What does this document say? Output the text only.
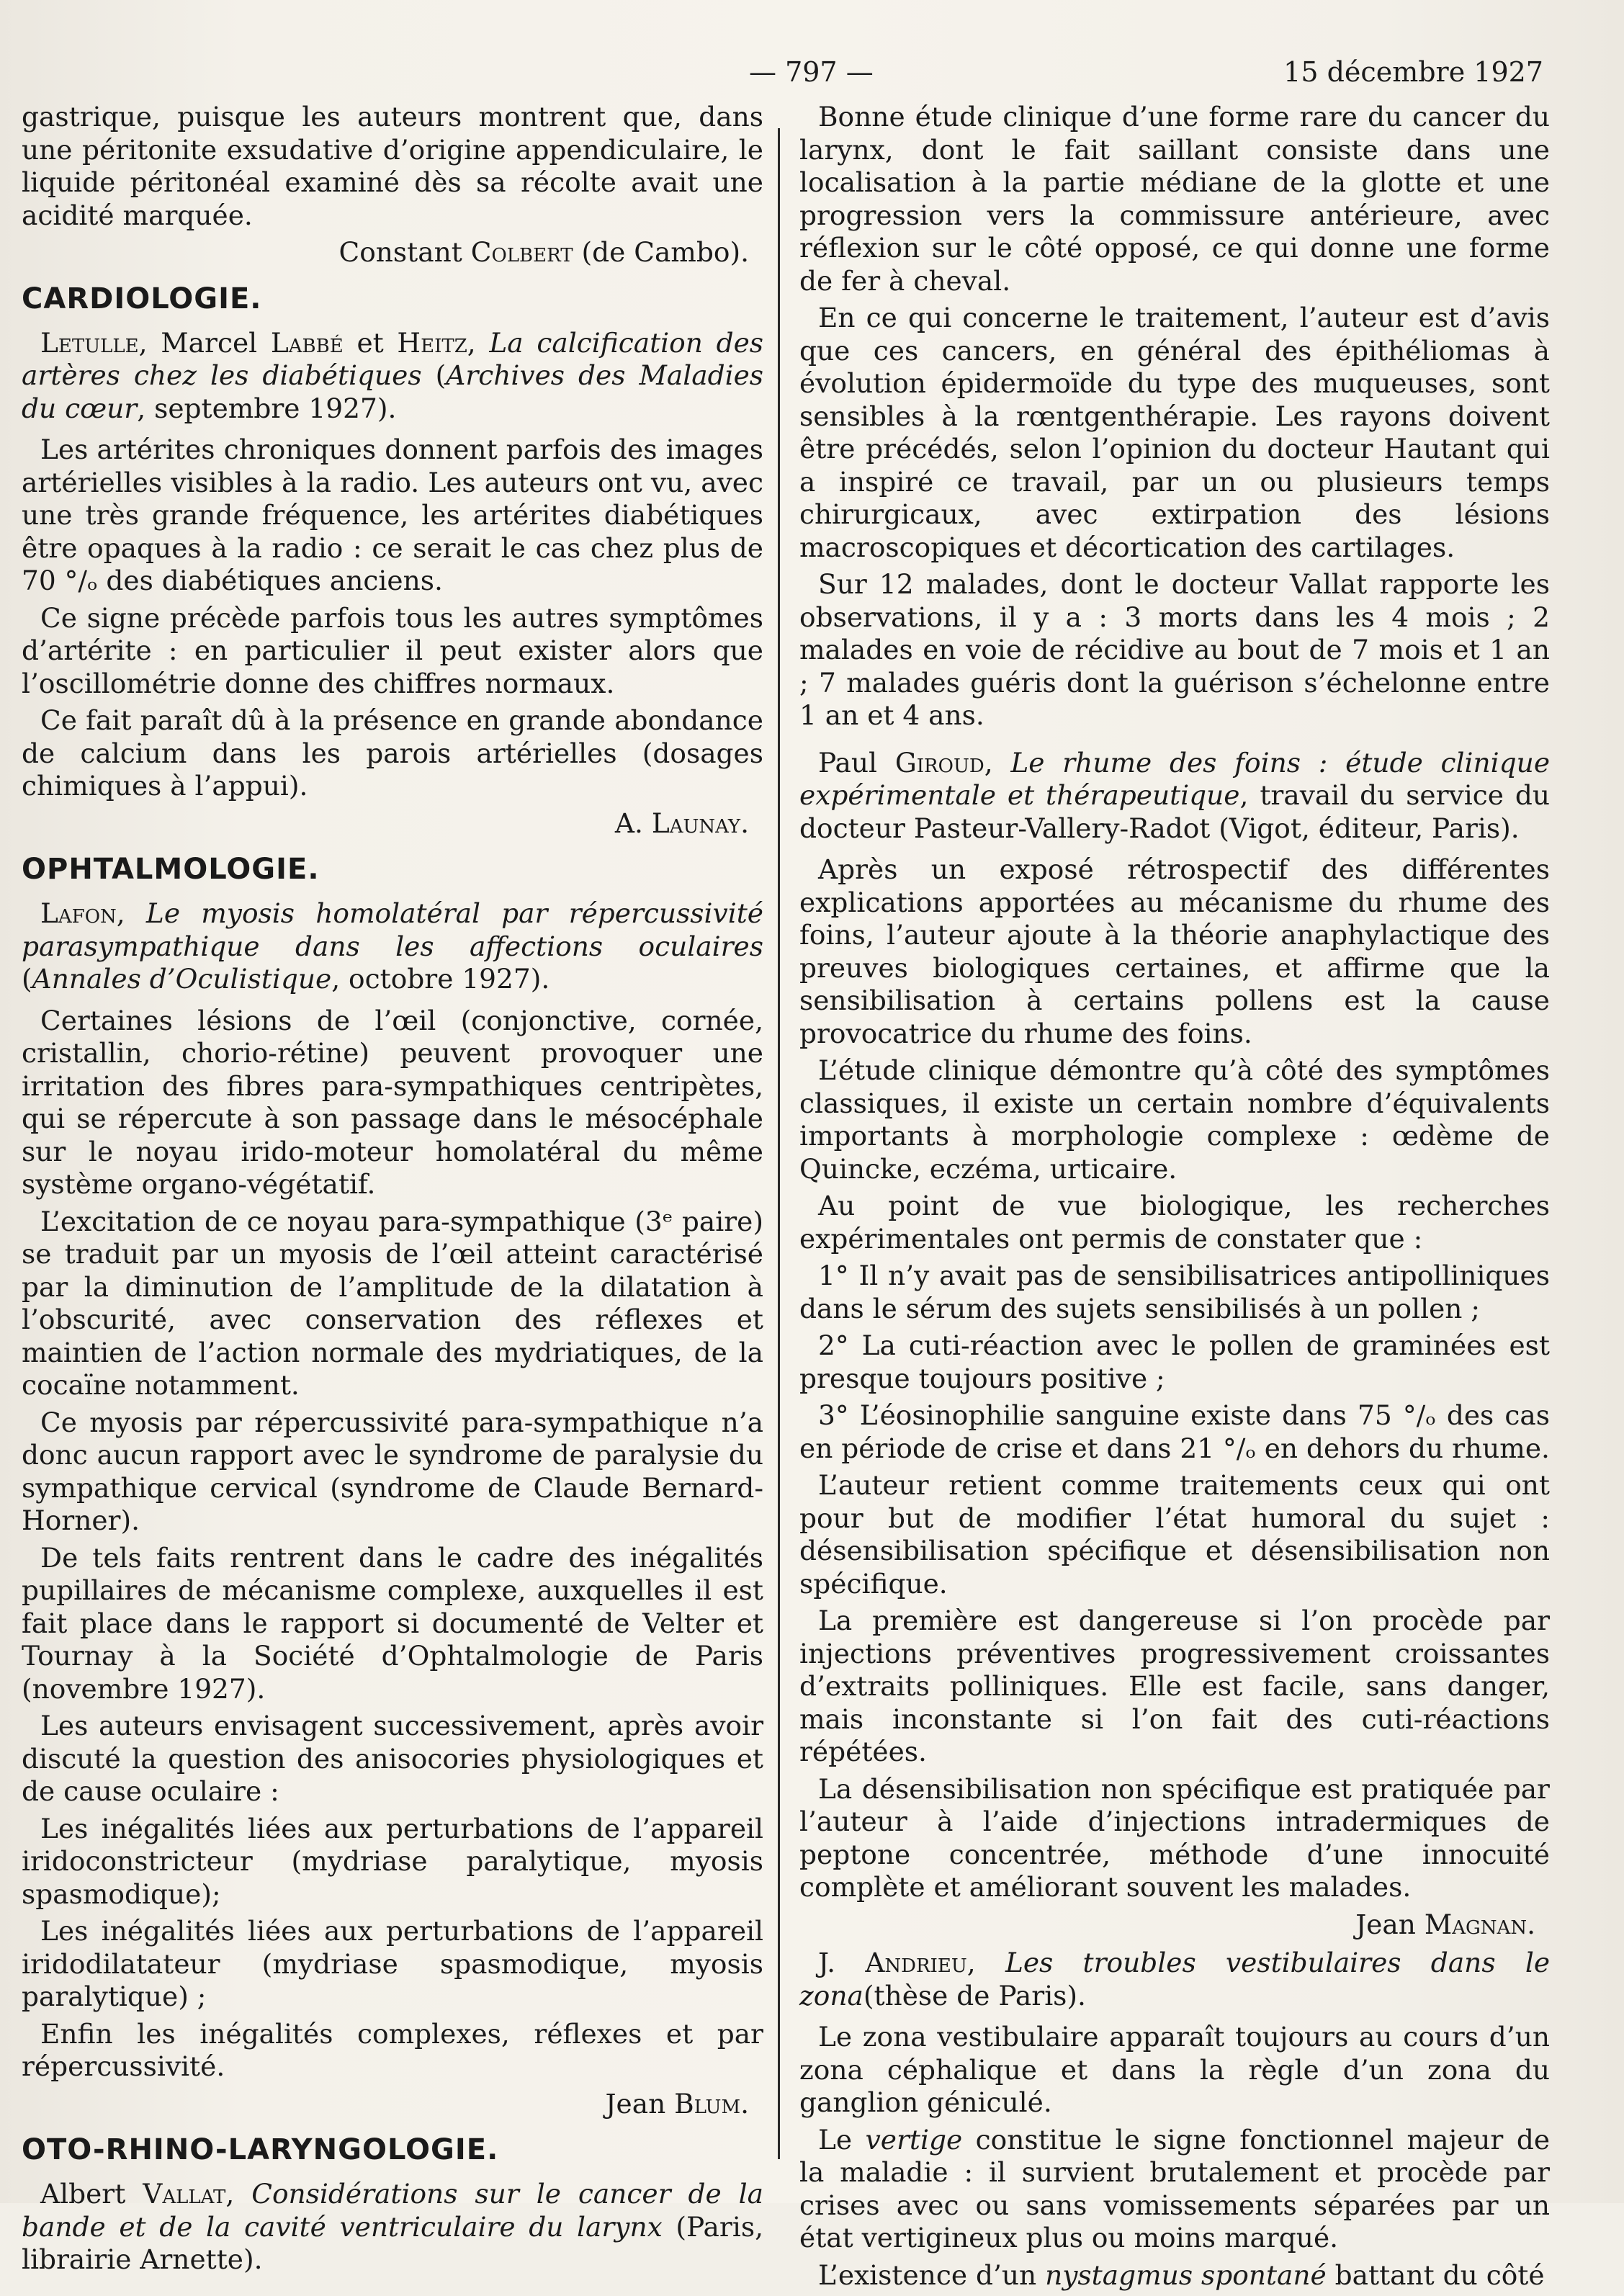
— 797 —	15 décembre 1927

gastrique, puisque les auteurs montrent que, dans une péritonite exsudative d’origine appendiculaire, le liquide péritonéal examiné dès sa récolte avait une acidité marquée.

Constant Colbert (de Cambo).

CARDIOLOGIE.

Letulle, Marcel Labbé et Heitz, La calcification des artères chez les diabétiques (Archives des Maladies du cœur, septembre 1927).

Les artérites chroniques donnent parfois des images artérielles visibles à la radio. Les auteurs ont vu, avec une très grande fréquence, les artérites diabétiques être opaques à la radio : ce serait le cas chez plus de 70 °/ₒ des diabétiques anciens.

Ce signe précède parfois tous les autres symptômes d’artérite : en particulier il peut exister alors que l’oscillométrie donne des chiffres normaux.

Ce fait paraît dû à la présence en grande abondance de calcium dans les parois artérielles (dosages chimiques à l’appui).

A. Launay.

OPHTALMOLOGIE.

Lafon, Le myosis homolatéral par répercussivité parasympathique dans les affections oculaires (Annales d’Oculistique, octobre 1927).

Certaines lésions de l’œil (conjonctive, cornée, cristallin, chorio-rétine) peuvent provoquer une irritation des fibres para-sympathiques centripètes, qui se répercute à son passage dans le mésocéphale sur le noyau irido-moteur homolatéral du même système organo-végétatif.

L’excitation de ce noyau para-sympathique (3ᵉ paire) se traduit par un myosis de l’œil atteint caractérisé par la diminution de l’amplitude de la dilatation à l’obscurité, avec conservation des réflexes et maintien de l’action normale des mydriatiques, de la cocaïne notamment.

Ce myosis par répercussivité para-sympathique n’a donc aucun rapport avec le syndrome de paralysie du sympathique cervical (syndrome de Claude Bernard-Horner).

De tels faits rentrent dans le cadre des inégalités pupillaires de mécanisme complexe, auxquelles il est fait place dans le rapport si documenté de Velter et Tournay à la Société d’Ophtalmologie de Paris (novembre 1927).

Les auteurs envisagent successivement, après avoir discuté la question des anisocories physiologiques et de cause oculaire :

Les inégalités liées aux perturbations de l’appareil iridoconstricteur (mydriase paralytique, myosis spasmodique);

Les inégalités liées aux perturbations de l’appareil iridodilatateur (mydriase spasmodique, myosis paralytique) ;

Enfin les inégalités complexes, réflexes et par répercussivité.

Jean Blum.

OTO-RHINO-LARYNGOLOGIE.

Albert Vallat, Considérations sur le cancer de la bande et de la cavité ventriculaire du larynx (Paris, librairie Arnette).

Bonne étude clinique d’une forme rare du cancer du larynx, dont le fait saillant consiste dans une localisation à la partie médiane de la glotte et une progression vers la commissure antérieure, avec réflexion sur le côté opposé, ce qui donne une forme de fer à cheval.

En ce qui concerne le traitement, l’auteur est d’avis que ces cancers, en général des épithéliomas à évolution épidermoïde du type des muqueuses, sont sensibles à la rœntgenthérapie. Les rayons doivent être précédés, selon l’opinion du docteur Hautant qui a inspiré ce travail, par un ou plusieurs temps chirurgicaux, avec extirpation des lésions macroscopiques et décortication des cartilages.

Sur 12 malades, dont le docteur Vallat rapporte les observations, il y a : 3 morts dans les 4 mois ; 2 malades en voie de récidive au bout de 7 mois et 1 an ; 7 malades guéris dont la guérison s’échelonne entre 1 an et 4 ans.

Paul Giroud, Le rhume des foins : étude clinique expérimentale et thérapeutique, travail du service du docteur Pasteur-Vallery-Radot (Vigot, éditeur, Paris).

Après un exposé rétrospectif des différentes explications apportées au mécanisme du rhume des foins, l’auteur ajoute à la théorie anaphylactique des preuves biologiques certaines, et affirme que la sensibilisation à certains pollens est la cause provocatrice du rhume des foins.

L’étude clinique démontre qu’à côté des symptômes classiques, il existe un certain nombre d’équivalents importants à morphologie complexe : œdème de Quincke, eczéma, urticaire.

Au point de vue biologique, les recherches expérimentales ont permis de constater que :

1° Il n’y avait pas de sensibilisatrices antipolliniques dans le sérum des sujets sensibilisés à un pollen ;

2° La cuti-réaction avec le pollen de graminées est presque toujours positive ;

3° L’éosinophilie sanguine existe dans 75 °/ₒ des cas en période de crise et dans 21 °/ₒ en dehors du rhume.

L’auteur retient comme traitements ceux qui ont pour but de modifier l’état humoral du sujet : désensibilisation spécifique et désensibilisation non spécifique.

La première est dangereuse si l’on procède par injections préventives progressivement croissantes d’extraits polliniques. Elle est facile, sans danger, mais inconstante si l’on fait des cuti-réactions répétées.

La désensibilisation non spécifique est pratiquée par l’auteur à l’aide d’injections intradermiques de peptone concentrée, méthode d’une innocuité complète et améliorant souvent les malades.

Jean Magnan.

J. Andrieu, Les troubles vestibulaires dans le zona(thèse de Paris).

Le zona vestibulaire apparaît toujours au cours d’un zona céphalique et dans la règle d’un zona du ganglion géniculé.

Le vertige constitue le signe fonctionnel majeur de la maladie : il survient brutalement et procède par crises avec ou sans vomissements séparées par un état vertigineux plus ou moins marqué.

L’existence d’un nystagmus spontané battant du côté
